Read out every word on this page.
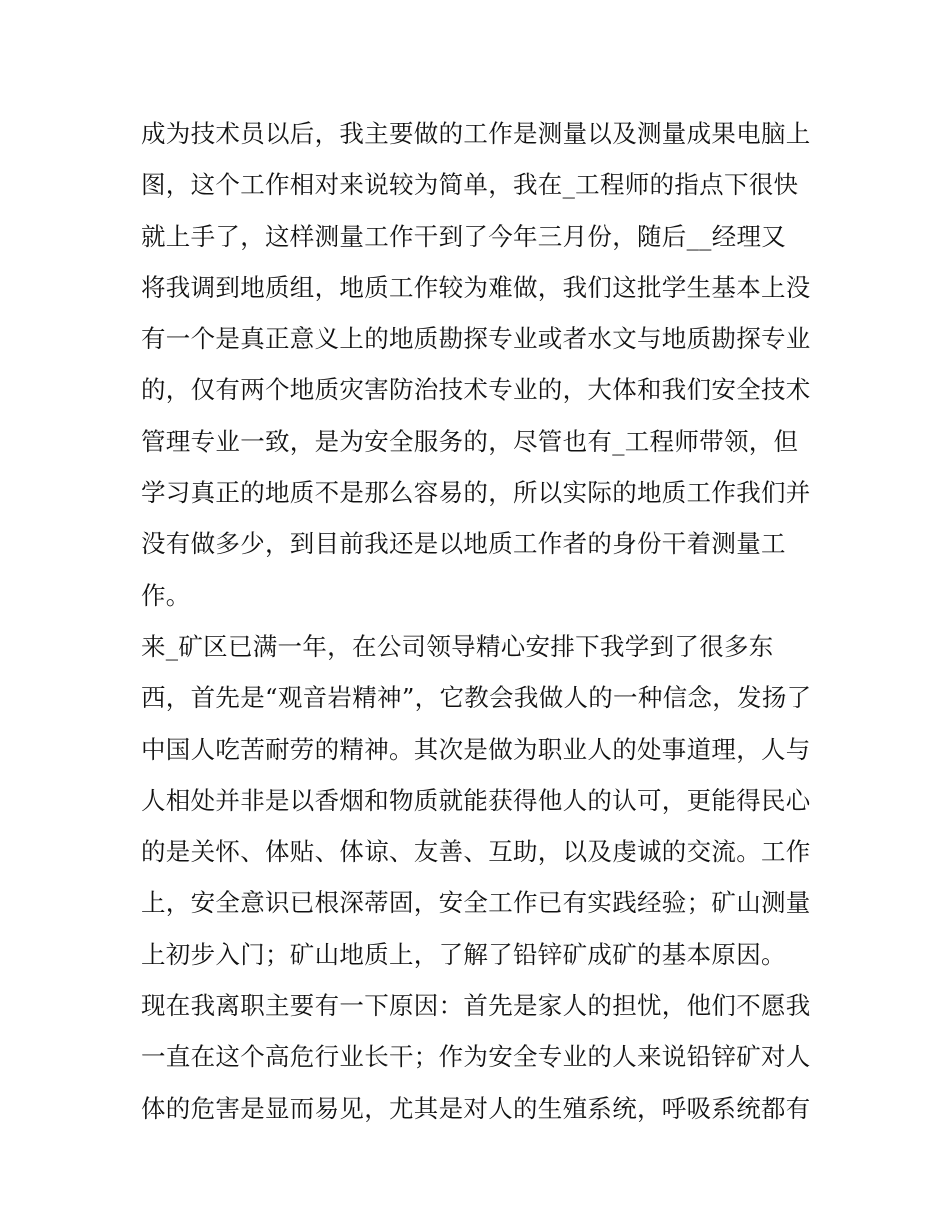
成为技术员以后，我主要做的工作是测量以及测量成果电脑上
图，这个工作相对来说较为简单，我在_工程师的指点下很快
就上手了，这样测量工作干到了今年三月份，随后__经理又
将我调到地质组，地质工作较为难做，我们这批学生基本上没
有一个是真正意义上的地质勘探专业或者水文与地质勘探专业
的，仅有两个地质灾害防治技术专业的，大体和我们安全技术
管理专业一致，是为安全服务的，尽管也有_工程师带领，但
学习真正的地质不是那么容易的，所以实际的地质工作我们并
没有做多少，到目前我还是以地质工作者的身份干着测量工
作。
来_矿区已满一年，在公司领导精心安排下我学到了很多东
西，首先是“观音岩精神”，它教会我做人的一种信念，发扬了
中国人吃苦耐劳的精神。其次是做为职业人的处事道理，人与
人相处并非是以香烟和物质就能获得他人的认可，更能得民心
的是关怀、体贴、体谅、友善、互助，以及虔诚的交流。工作
上，安全意识已根深蒂固，安全工作已有实践经验；矿山测量
上初步入门；矿山地质上，了解了铅锌矿成矿的基本原因。
现在我离职主要有一下原因：首先是家人的担忧，他们不愿我
一直在这个高危行业长干；作为安全专业的人来说铅锌矿对人
体的危害是显而易见，尤其是对人的生殖系统，呼吸系统都有
